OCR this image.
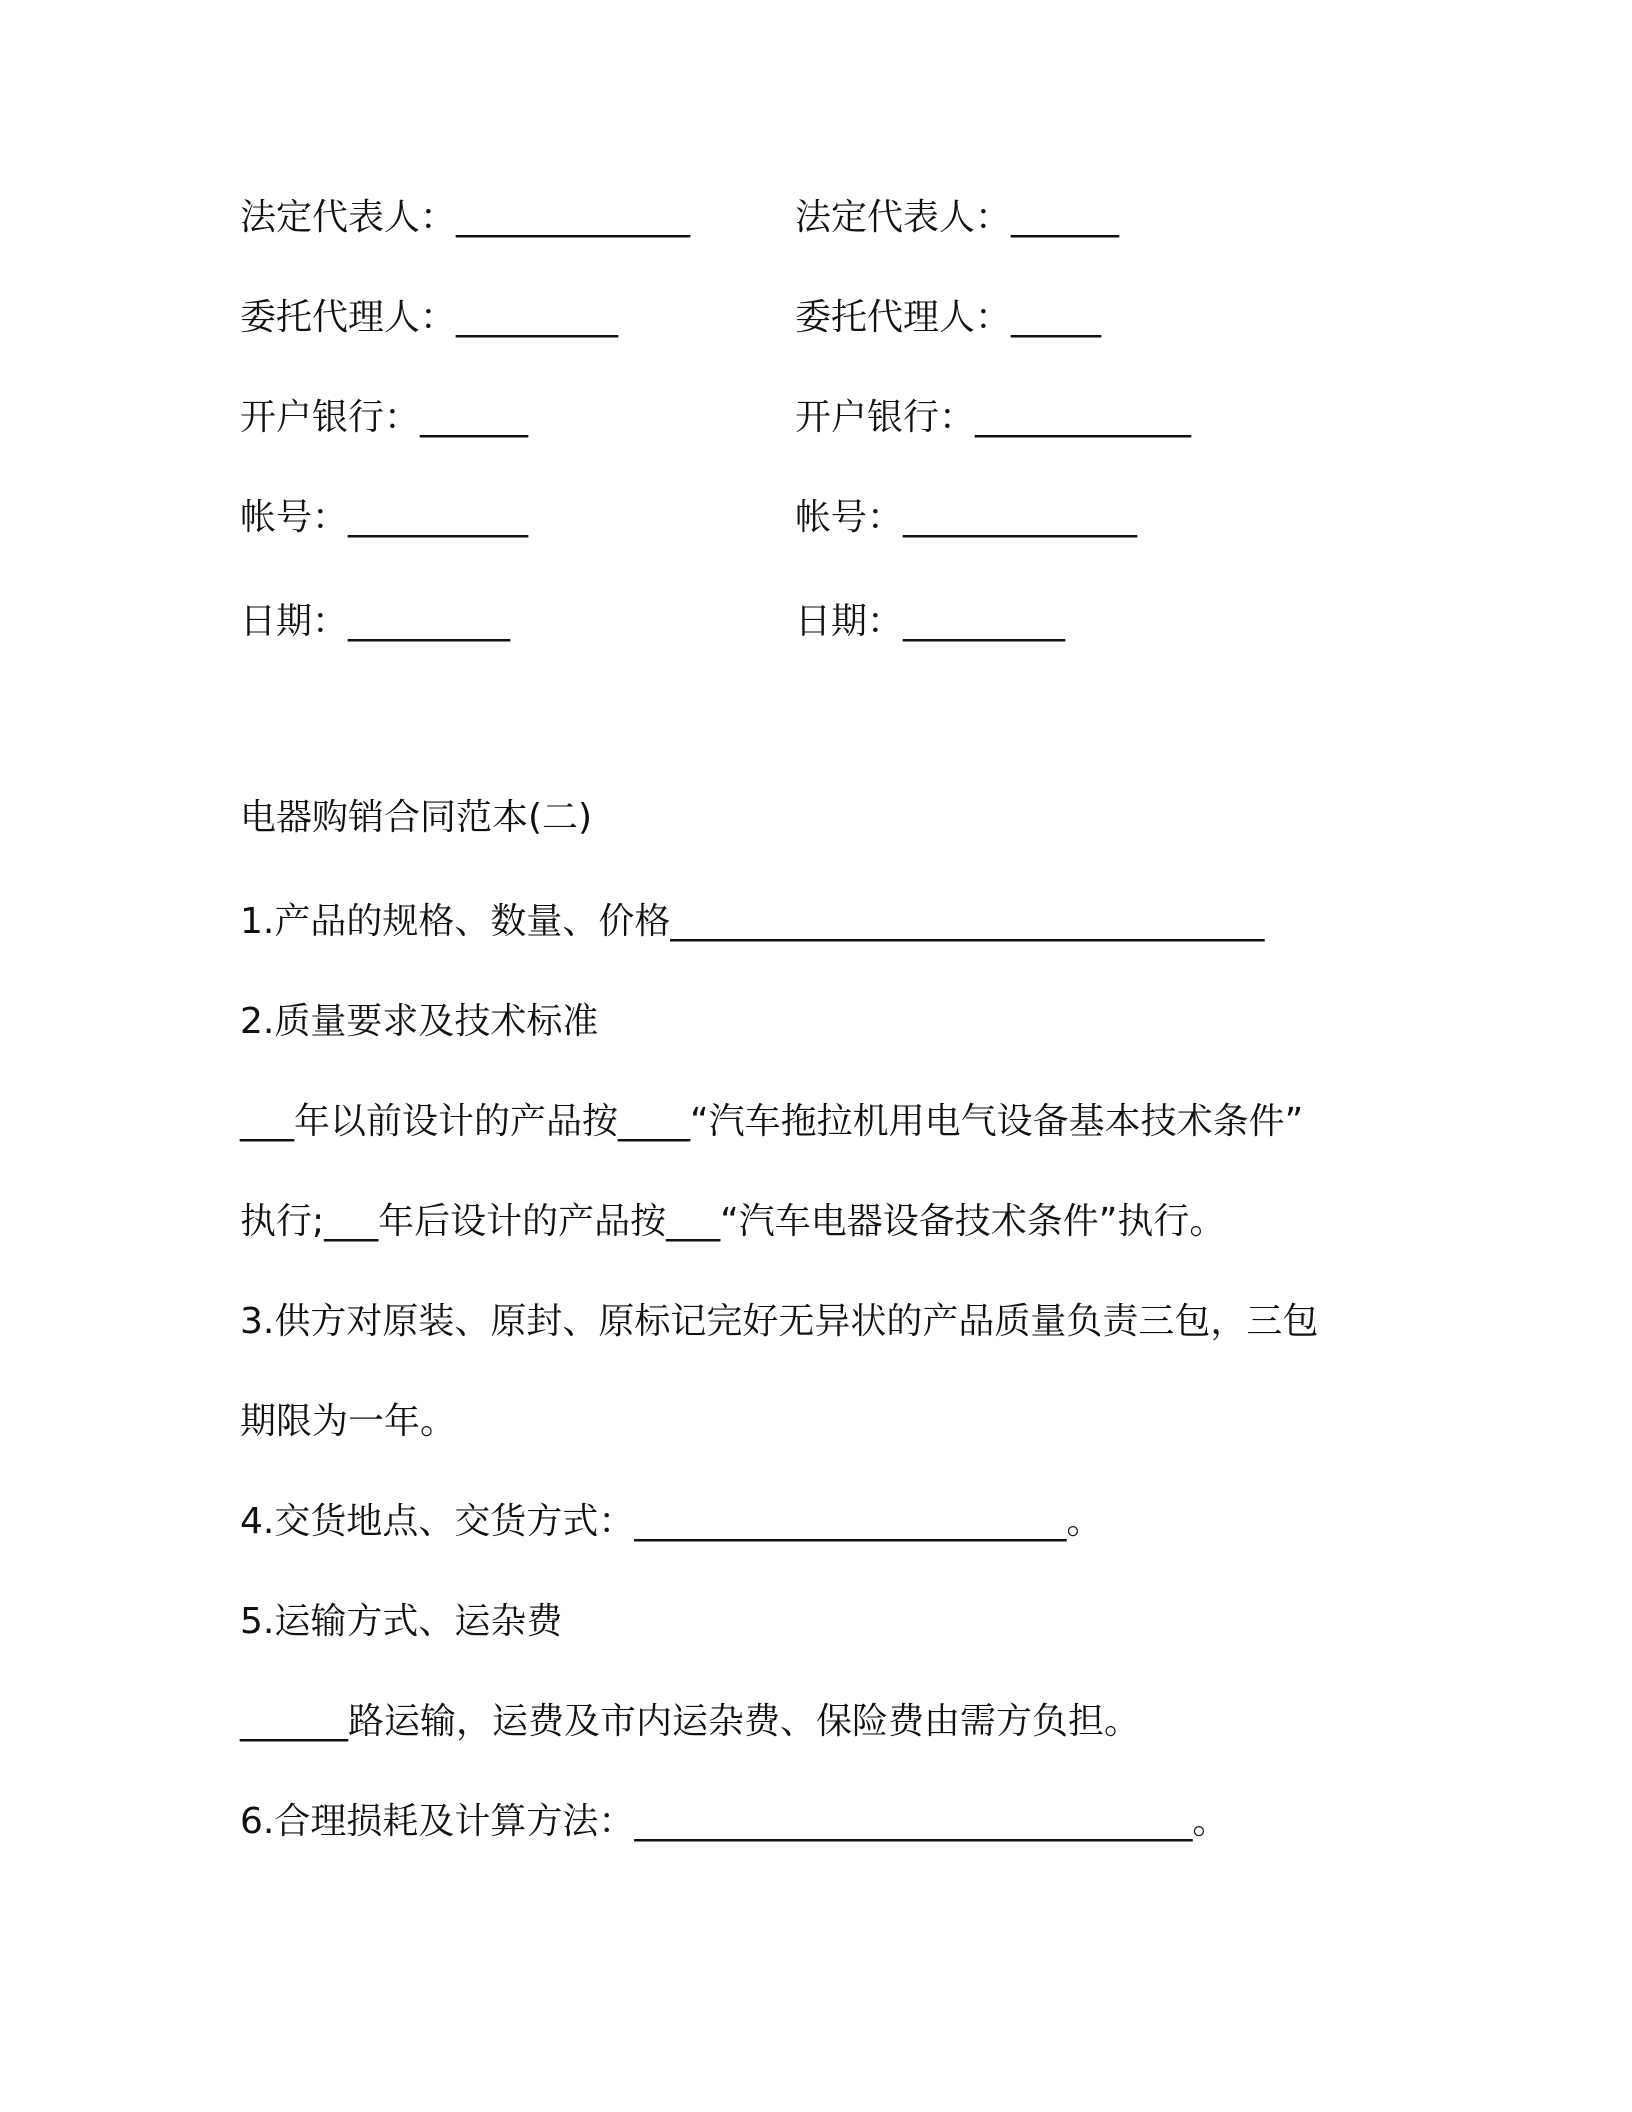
法定代表人：_____________	法定代表人：______
委托代理人：_________	委托代理人：_____
开户银行：______	开户银行：____________
帐号：__________	帐号：_____________
日期：_________	日期：_________
电器购销合同范本(二)
1.产品的规格、数量、价格_________________________________
2.质量要求及技术标准
___年以前设计的产品按____“汽车拖拉机用电气设备基本技术条件”
执行;___年后设计的产品按___“汽车电器设备技术条件”执行。
3.供方对原装、原封、原标记完好无异状的产品质量负责三包，三包
期限为一年。
4.交货地点、交货方式：________________________。
5.运输方式、运杂费
______路运输，运费及市内运杂费、保险费由需方负担。
6.合理损耗及计算方法：_______________________________。
